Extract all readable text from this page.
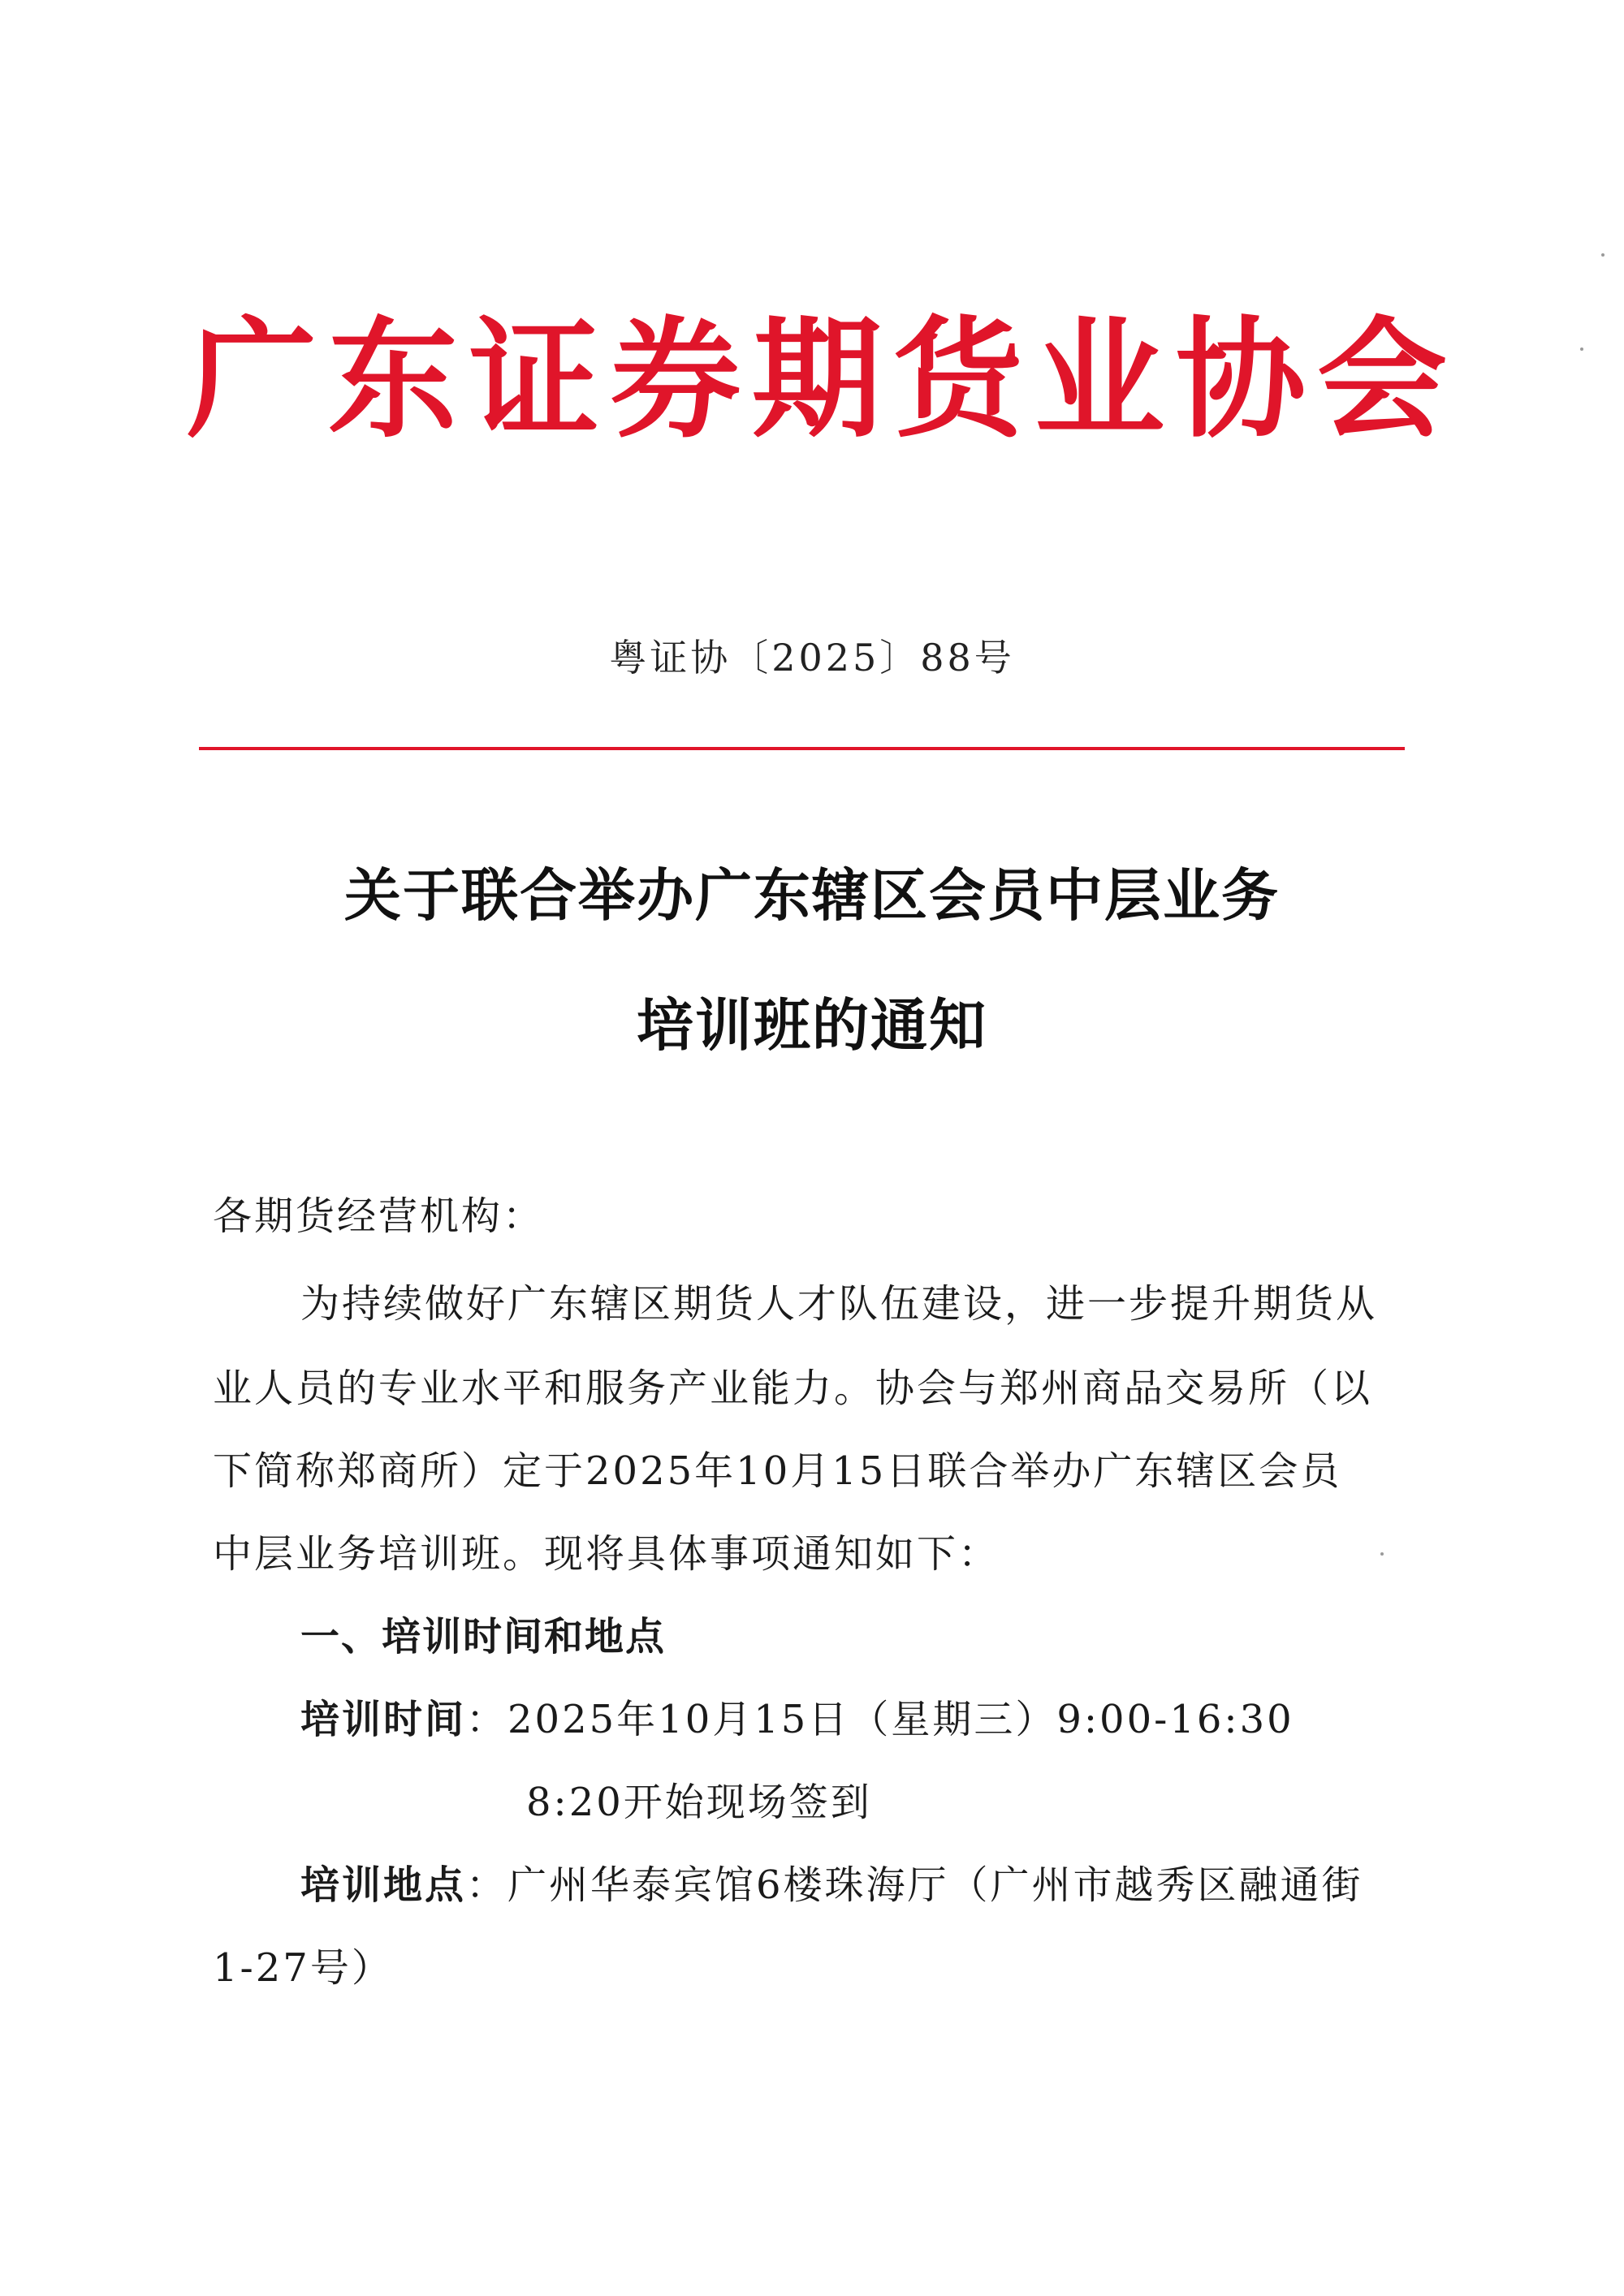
广东证券期货业协会
粤证协〔2025〕88号
关于联合举办广东辖区会员中层业务
培训班的通知
各期货经营机构：
为持续做好广东辖区期货人才队伍建设，进一步提升期货从
业人员的专业水平和服务产业能力。协会与郑州商品交易所（以
下简称郑商所）定于2025年10月15日联合举办广东辖区会员
中层业务培训班。现将具体事项通知如下：
一、培训时间和地点
培训时间：2025年10月15日（星期三）9:00-16:30
8:20开始现场签到
培训地点：广州华泰宾馆6楼珠海厅（广州市越秀区融通街
1-27号）
